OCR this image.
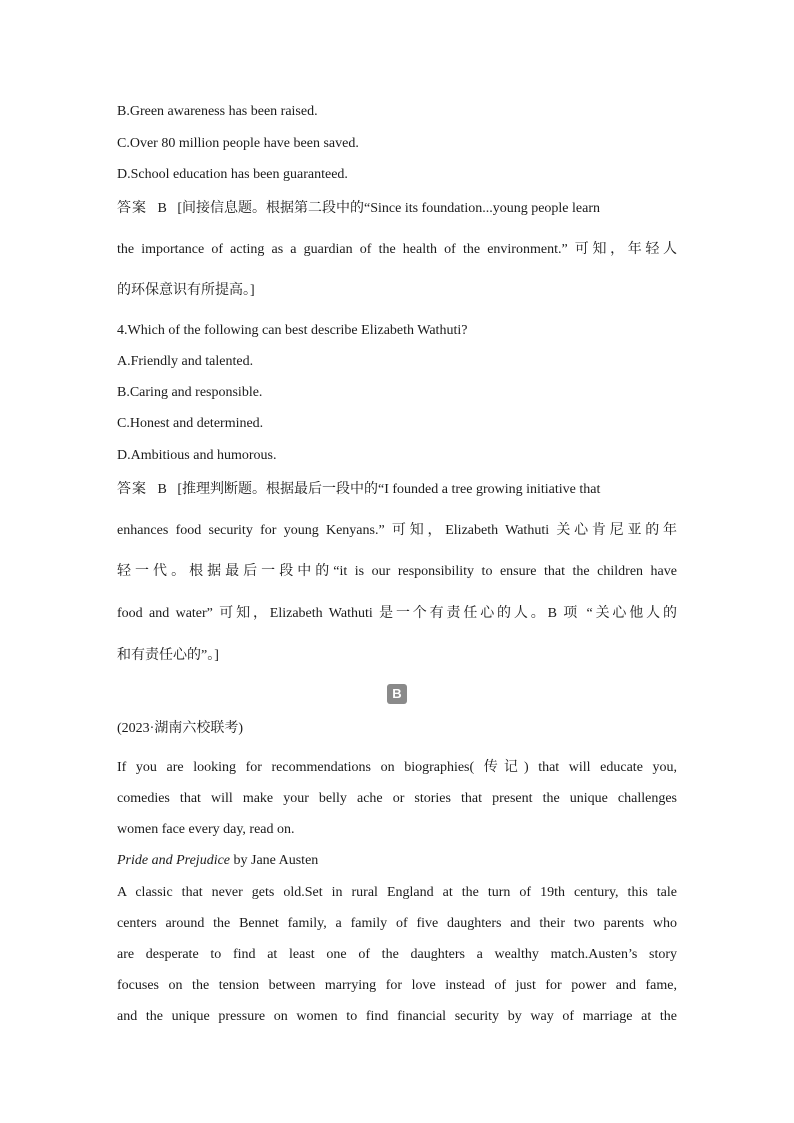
B.Green awareness has been raised.
C.Over 80 million people have been saved.
D.School education has been guaranteed.
答案 B [间接信息题。根据第二段中的“Since its foundation...young people learn
the importance of acting as a guardian of the health of the environment.” 可知，年轻人
的环保意识有所提高。]
4.Which of the following can best describe Elizabeth Wathuti?
A.Friendly and talented.
B.Caring and responsible.
C.Honest and determined.
D.Ambitious and humorous.
答案 B [推理判断题。根据最后一段中的“I founded a tree growing initiative that
enhances food security for young Kenyans.” 可知，Elizabeth Wathuti 关心肯尼亚的年
轻一代。根据最后一段中的“it is our responsibility to ensure that the children have
food and water” 可知，Elizabeth Wathuti 是一个有责任心的人。B 项 “关心他人的
和有责任心的”。]
B
(2023·湖南六校联考)
If you are looking for recommendations on biographies( 传记) that will educate you,
comedies that will make your belly ache or stories that present the unique challenges
women face every day, read on.
Pride and Prejudice by Jane Austen
A classic that never gets old.Set in rural England at the turn of 19th century, this tale
centers around the Bennet family, a family of five daughters and their two parents who
are desperate to find at least one of the daughters a wealthy match.Austen’s story
focuses on the tension between marrying for love instead of just for power and fame,
and the unique pressure on women to find financial security by way of marriage at the
